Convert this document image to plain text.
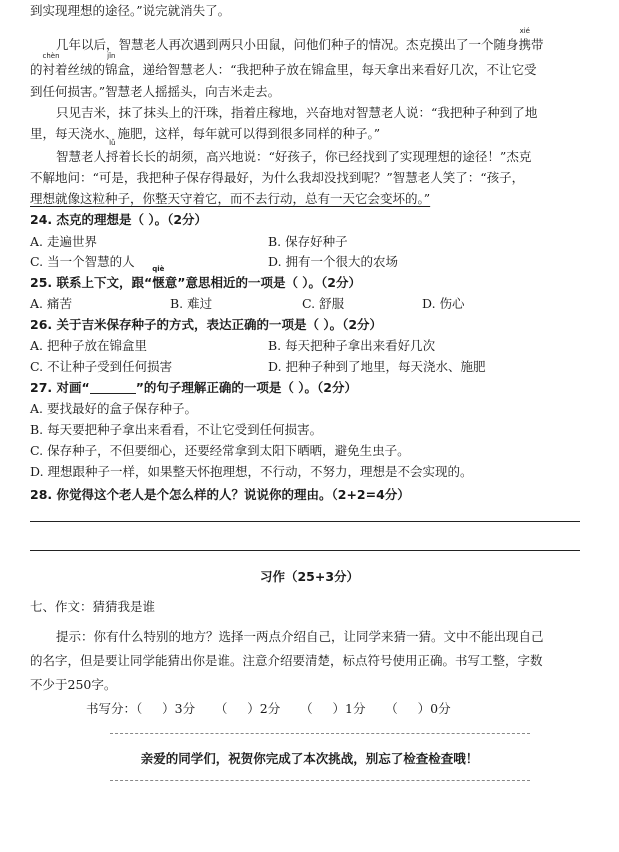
到实现理想的途径。”说完就消失了。
几年以后，智慧老人再次遇到两只小田鼠，问他们种子的情况。杰克摸出了一个随身
xié
携带
的
chèn
衬着丝绒的
jǐn
锦盒，递给智慧老人：“我把种子放在锦盒里，每天拿出来看好几次，不让它受
到任何损害。”智慧老人摇摇头，向吉米走去。
只见吉米，抹了抹头上的汗珠，指着庄稼地，兴奋地对智慧老人说：“我把种子种到了地
里，每天浇水、施肥，这样，每年就可以得到很多同样的种子。”
智慧老人
lǚ
捋着长长的胡须，高兴地说：“好孩子，你已经找到了实现理想的途径！”杰克
不解地问：“可是，我把种子保存得最好，为什么我却没找到呢？”智慧老人笑了：“孩子，
理想就像这粒种子，你整天守着它，而不去行动，总有一天它会变坏的。”
24. 杰克的理想是（ ）。（2分）
A. 走遍世界	B. 保存好种子
C. 当一个智慧的人	D. 拥有一个很大的农场
25. 联系上下文，跟“
qiè
惬意”意思相近的一项是（ ）。（2分）
A. 痛苦	B. 难过	C. 舒服	D. 伤心
26. 关于吉米保存种子的方式，表达正确的一项是（ ）。（2分）
A. 把种子放在锦盒里	B. 每天把种子拿出来看好几次
C. 不让种子受到任何损害	D. 把种子种到了地里，每天浇水、施肥
27. 对画“	”的句子理解正确的一项是（ ）。（2分）
A. 要找最好的盒子保存种子。
B. 每天要把种子拿出来看看，不让它受到任何损害。
C. 保存种子，不但要细心，还要经常拿到太阳下晒晒，避免生虫子。
D. 理想跟种子一样，如果整天怀抱理想，不行动，不努力，理想是不会实现的。
28. 你觉得这个老人是个怎么样的人？说说你的理由。（2+2=4分）
习作（25+3分）
七、作文：猜猜我是谁
提示：你有什么特别的地方？选择一两点介绍自己，让同学来猜一猜。文中不能出现自己
的名字，但是要让同学能猜出你是谁。注意介绍要清楚，标点符号使用正确。书写工整，字数
不少于250字。
书写分：（     ）3分     （     ）2分     （     ）1分     （     ）0分
亲爱的同学们，祝贺你完成了本次挑战，别忘了检查检查哦！
